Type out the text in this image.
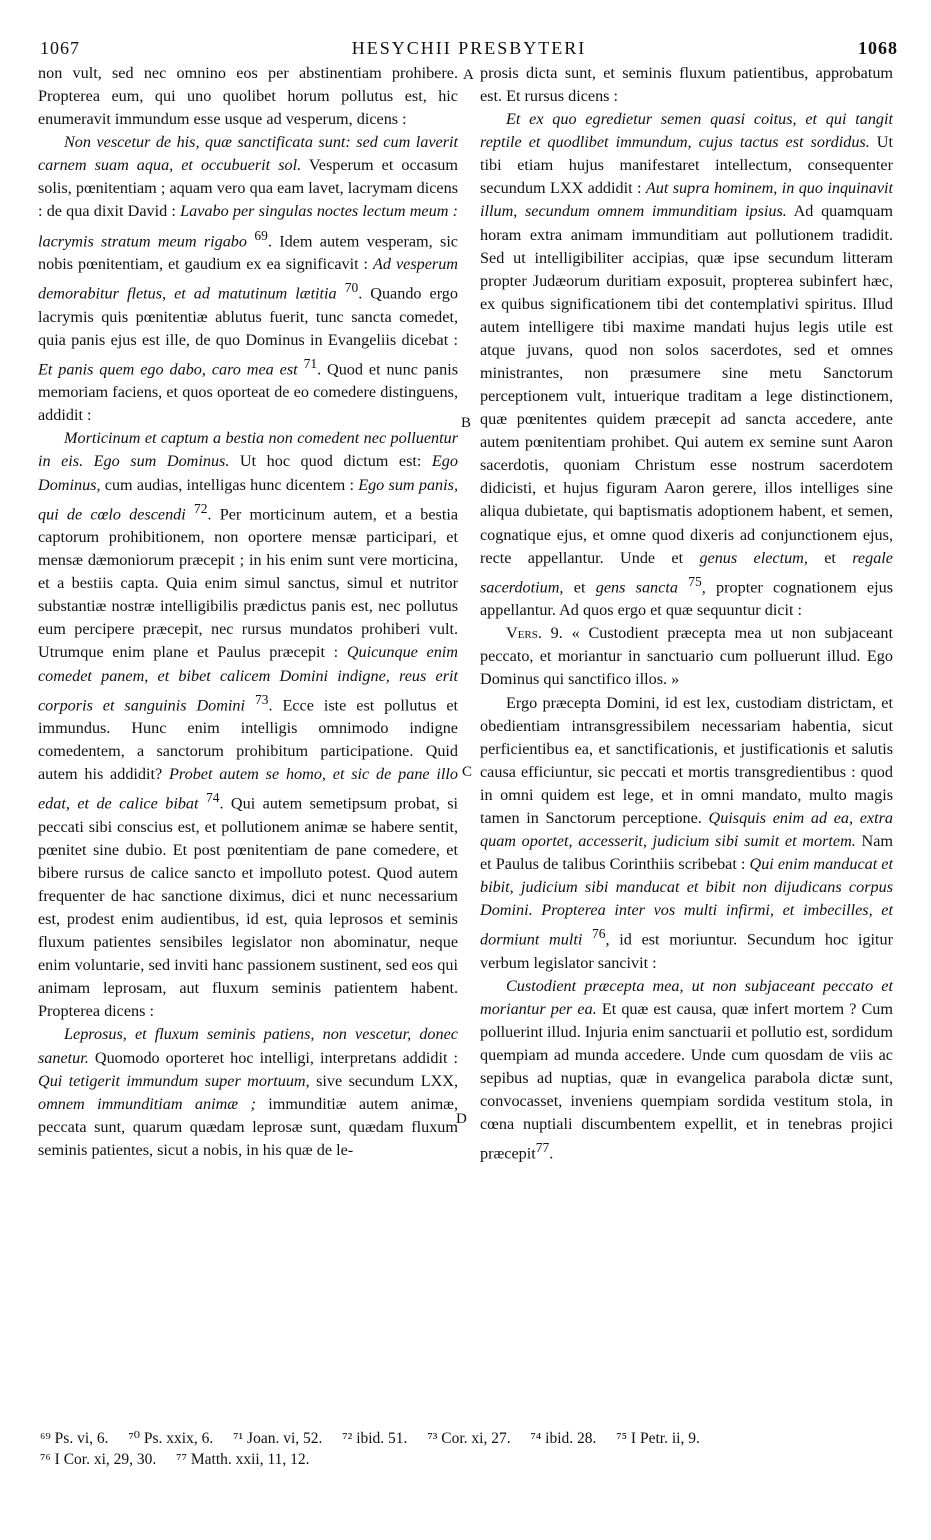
1067	HESYCHII PRESBYTERI	1068
A
B
C
D

non vult, sed nec omnino eos per abstinentiam prohibere. Propterea eum, qui uno quolibet horum pollutus est, hic enumeravit immundum esse usque ad vesperum, dicens :

Non vescetur de his, quæ sanctificata sunt: sed cum laverit carnem suam aqua, et occubuerit sol. Vesperum et occasum solis, pœnitentiam ; aquam vero qua eam lavet, lacrymam dicens : de qua dixit David : Lavabo per singulas noctes lectum meum : lacrymis stratum meum rigabo $^{69}$. Idem autem vesperam, sic nobis pœnitentiam, et gaudium ex ea significavit : Ad vesperum demorabitur fletus, et ad matutinum lætitia $^{70}$. Quando ergo lacrymis quis pœnitentiæ ablutus fuerit, tunc sancta comedet, quia panis ejus est ille, de quo Dominus in Evangeliis dicebat : Et panis quem ego dabo, caro mea est $^{71}$. Quod et nunc panis memoriam faciens, et quos oporteat de eo comedere distinguens, addidit :

Morticinum et captum a bestia non comedent nec polluentur in eis. Ego sum Dominus. Ut hoc quod dictum est: Ego Dominus, cum audias, intelligas hunc dicentem : Ego sum panis, qui de cœlo descendi $^{72}$. Per morticinum autem, et a bestia captorum prohibitionem, non oportere mensæ participari, et mensæ dæmoniorum præcepit ; in his enim sunt vere morticina, et a bestiis capta. Quia enim simul sanctus, simul et nutritor substantiæ nostræ intelligibilis prædictus panis est, nec pollutus eum percipere præcepit, nec rursus mundatos prohiberi vult. Utrumque enim plane et Paulus præcepit : Quicunque enim comedet panem, et bibet calicem Domini indigne, reus erit corporis et sanguinis Domini $^{73}$. Ecce iste est pollutus et immundus. Hunc enim intelligis omnimodo indigne comedentem, a sanctorum prohibitum participatione. Quid autem his addidit? Probet autem se homo, et sic de pane illo edat, et de calice bibat $^{74}$. Qui autem semetipsum probat, si peccati sibi conscius est, et pollutionem animæ se habere sentit, pœnitet sine dubio. Et post pœnitentiam de pane comedere, et bibere rursus de calice sancto et impolluto potest. Quod autem frequenter de hac sanctione diximus, dici et nunc necessarium est, prodest enim audientibus, id est, quia leprosos et seminis fluxum patientes sensibiles legislator non abominatur, neque enim voluntarie, sed inviti hanc passionem sustinent, sed eos qui animam leprosam, aut fluxum seminis patientem habent. Propterea dicens :

Leprosus, et fluxum seminis patiens, non vescetur, donec sanetur. Quomodo oporteret hoc intelligi, interpretans addidit : Qui tetigerit immundum super mortuum, sive secundum LXX, omnem immunditiam animæ ; immunditiæ autem animæ, peccata sunt, quarum quædam leprosæ sunt, quædam fluxum seminis patientes, sicut a nobis, in his quæ de le-

prosis dicta sunt, et seminis fluxum patientibus, approbatum est. Et rursus dicens :

Et ex quo egredietur semen quasi coitus, et qui tangit reptile et quodlibet immundum, cujus tactus est sordidus. Ut tibi etiam hujus manifestaret intellectum, consequenter secundum LXX addidit : Aut supra hominem, in quo inquinavit illum, secundum omnem immunditiam ipsius. Ad quamquam horam extra animam immunditiam aut pollutionem tradidit. Sed ut intelligibiliter accipias, quæ ipse secundum litteram propter Judæorum duritiam exposuit, propterea subinfert hæc, ex quibus significationem tibi det contemplativi spiritus. Illud autem intelligere tibi maxime mandati hujus legis utile est atque juvans, quod non solos sacerdotes, sed et omnes ministrantes, non præsumere sine metu Sanctorum perceptionem vult, intuerique traditam a lege distinctionem, quæ pœnitentes quidem præcepit ad sancta accedere, ante autem pœnitentiam prohibet. Qui autem ex semine sunt Aaron sacerdotis, quoniam Christum esse nostrum sacerdotem didicisti, et hujus figuram Aaron gerere, illos intelliges sine aliqua dubietate, qui baptismatis adoptionem habent, et semen, cognatique ejus, et omne quod dixeris ad conjunctionem ejus, recte appellantur. Unde et genus electum, et regale sacerdotium, et gens sancta $^{75}$, propter cognationem ejus appellantur. Ad quos ergo et quæ sequuntur dicit :

Vers. 9. « Custodient præcepta mea ut non subjaceant peccato, et moriantur in sanctuario cum polluerunt illud. Ego Dominus qui sanctifico illos. »

Ergo præcepta Domini, id est lex, custodiam districtam, et obedientiam intransgressibilem necessariam habentia, sicut perficientibus ea, et sanctificationis, et justificationis et salutis causa efficiuntur, sic peccati et mortis transgredientibus : quod in omni quidem est lege, et in omni mandato, multo magis tamen in Sanctorum perceptione. Quisquis enim ad ea, extra quam oportet, accesserit, judicium sibi sumit et mortem. Nam et Paulus de talibus Corinthiis scribebat : Qui enim manducat et bibit, judicium sibi manducat et bibit non dijudicans corpus Domini. Propterea inter vos multi infirmi, et imbecilles, et dormiunt multi $^{76}$, id est moriuntur. Secundum hoc igitur verbum legislator sancivit :

Custodient præcepta mea, ut non subjaceant peccato et moriantur per ea. Et quæ est causa, quæ infert mortem ? Cum polluerint illud. Injuria enim sanctuarii et pollutio est, sordidum quempiam ad munda accedere. Unde cum quosdam de viis ac sepibus ad nuptias, quæ in evangelica parabola dictæ sunt, convocasset, inveniens quempiam sordida vestitum stola, in cœna nuptiali discumbentem expellit, et in tenebras projici præcepit$^{77}$.

⁶⁹ Ps. vi, 6. ⁷⁰ Ps. xxix, 6. ⁷¹ Joan. vi, 52. ⁷² ibid. 51. ⁷³ Cor. xi, 27. ⁷⁴ ibid. 28. ⁷⁵ I Petr. ii, 9.
⁷⁶ I Cor. xi, 29, 30. ⁷⁷ Matth. xxii, 11, 12.
